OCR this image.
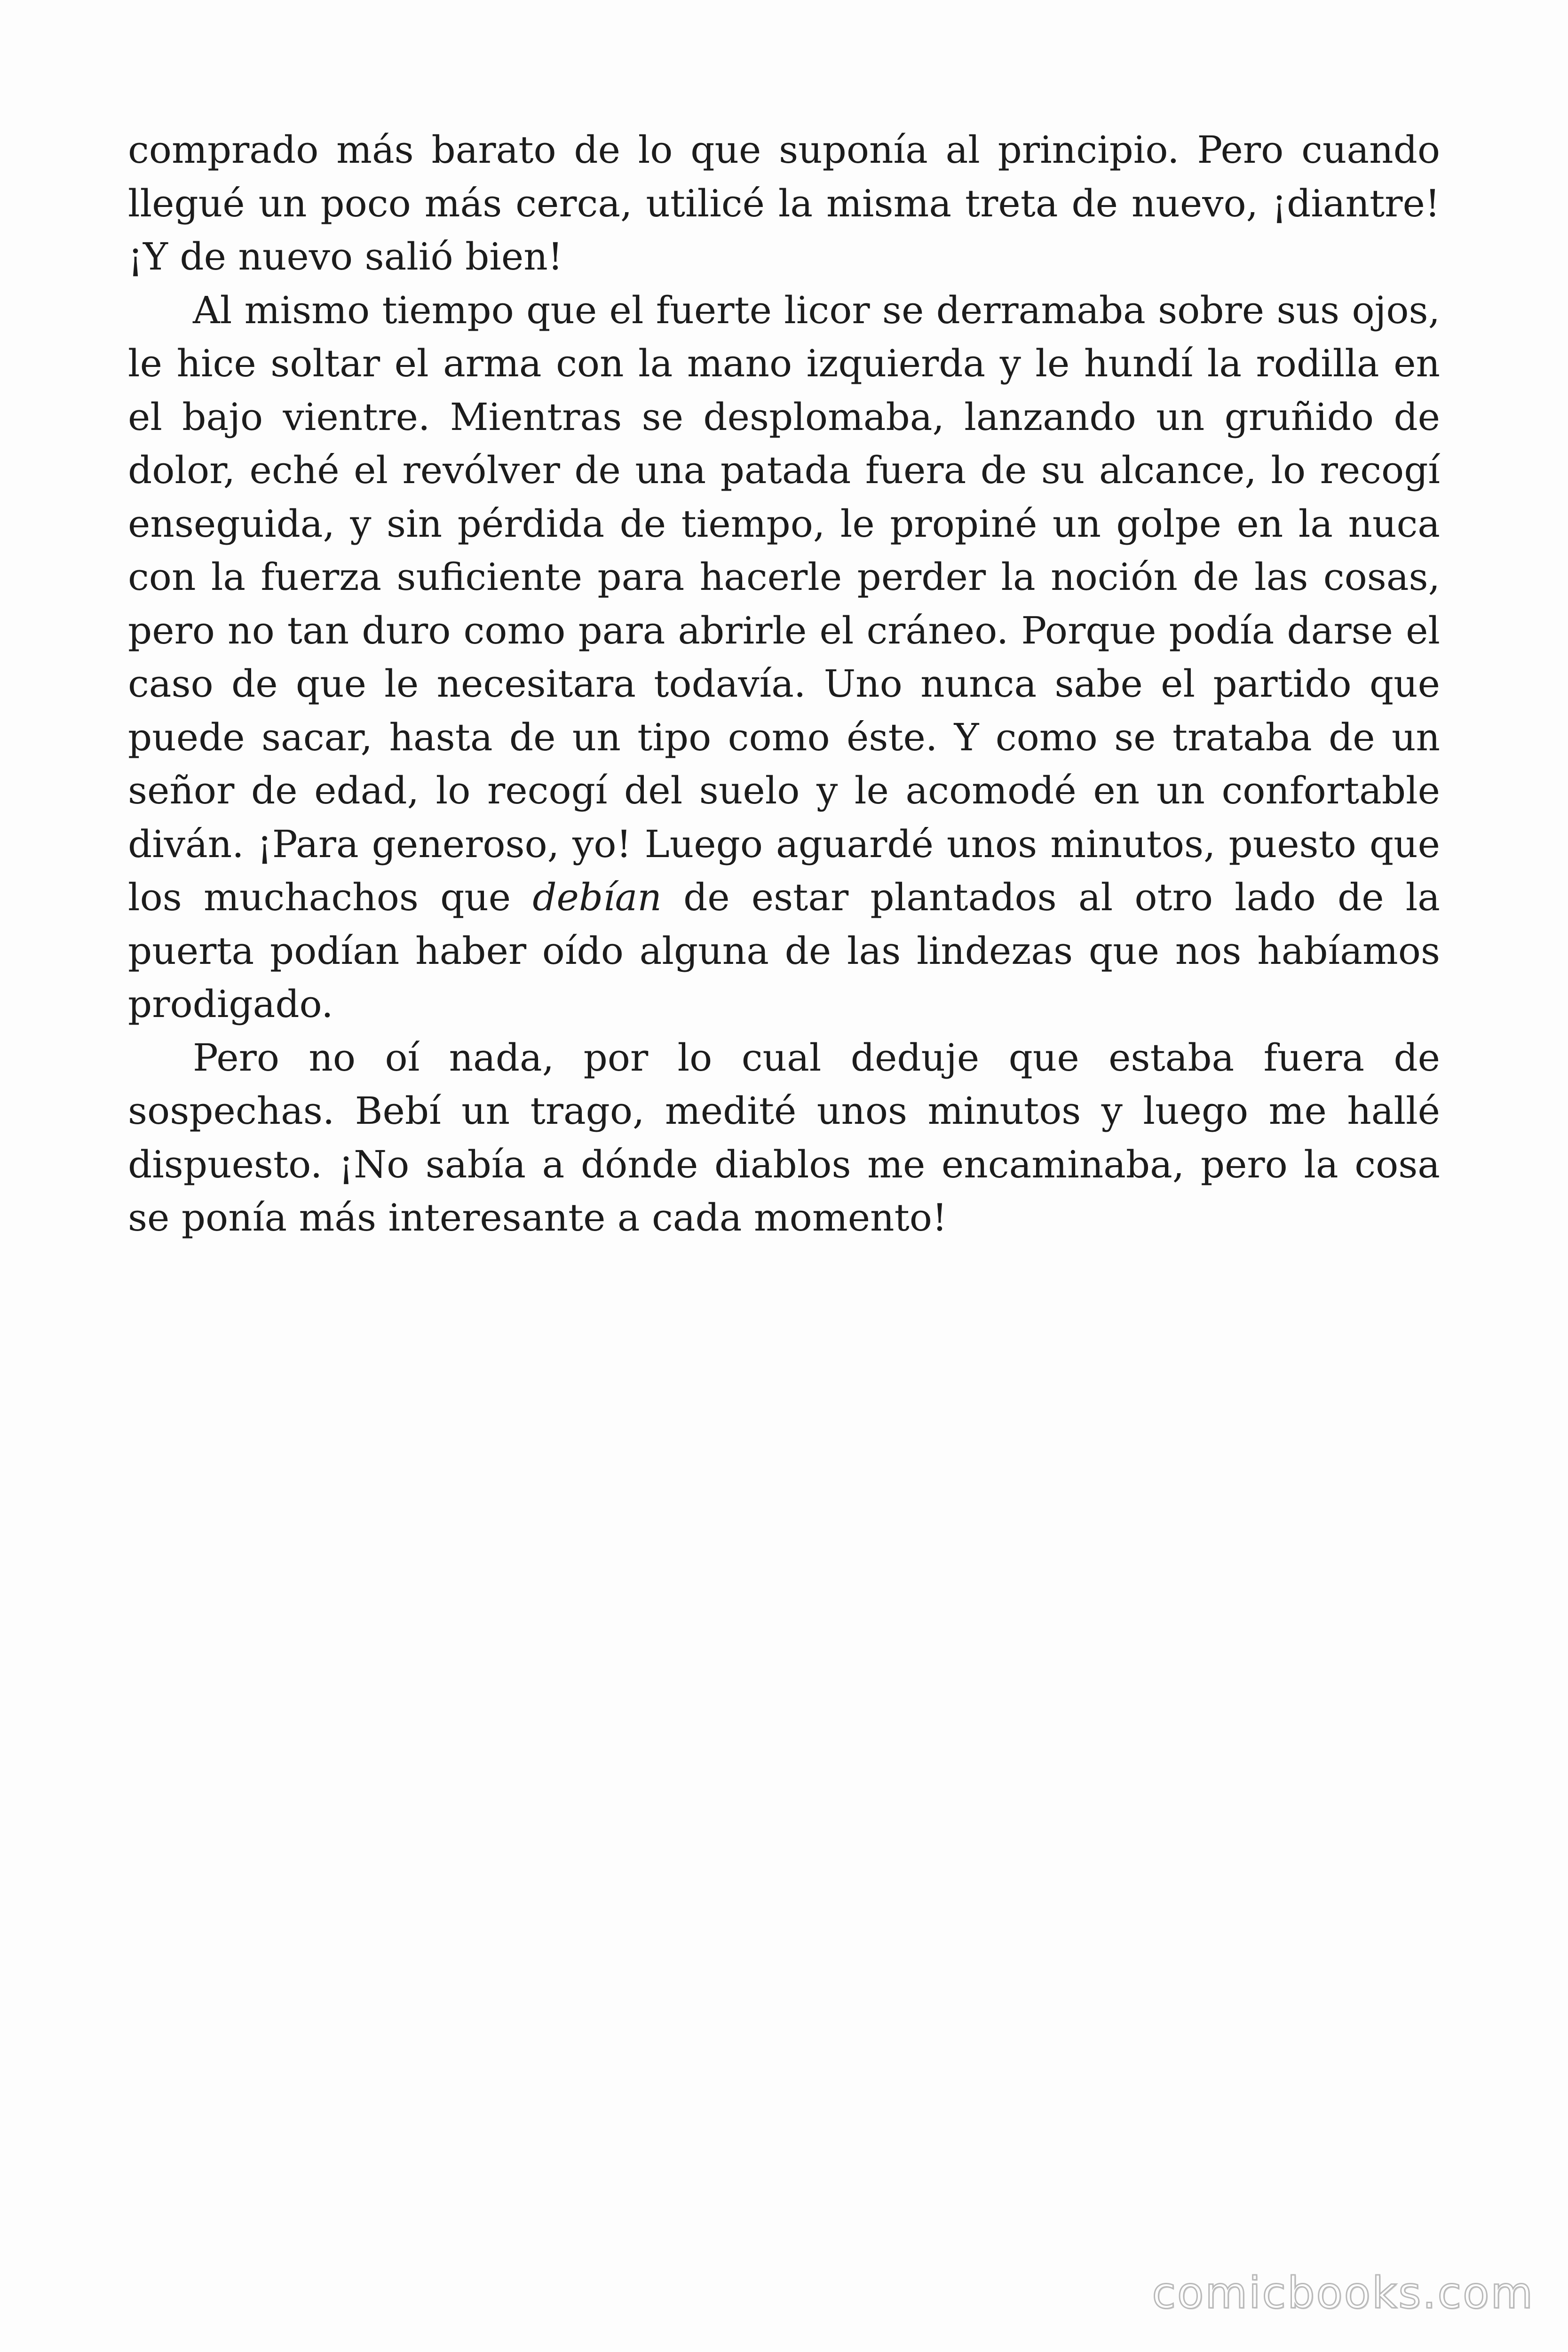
comprado más barato de lo que suponía al principio. Pero cuando llegué un poco más cerca, utilicé la misma treta de nuevo, ¡diantre! ¡Y de nuevo salió bien!

Al mismo tiempo que el fuerte licor se derramaba sobre sus ojos, le hice soltar el arma con la mano izquierda y le hundí la rodilla en el bajo vientre. Mientras se desplomaba, lanzando un gruñido de dolor, eché el revólver de una patada fuera de su alcance, lo recogí enseguida, y sin pérdida de tiempo, le propiné un golpe en la nuca con la fuerza suficiente para hacerle perder la noción de las cosas, pero no tan duro como para abrirle el cráneo. Porque podía darse el caso de que le necesitara todavía. Uno nunca sabe el partido que puede sacar, hasta de un tipo como éste. Y como se trataba de un señor de edad, lo recogí del suelo y le acomodé en un confortable diván. ¡Para generoso, yo! Luego aguardé unos minutos, puesto que los muchachos que debían de estar plantados al otro lado de la puerta podían haber oído alguna de las lindezas que nos habíamos prodigado.

Pero no oí nada, por lo cual deduje que estaba fuera de sospechas. Bebí un trago, medité unos minutos y luego me hallé dispuesto. ¡No sabía a dónde diablos me encaminaba, pero la cosa se ponía más interesante a cada momento!

comicbooks.com
